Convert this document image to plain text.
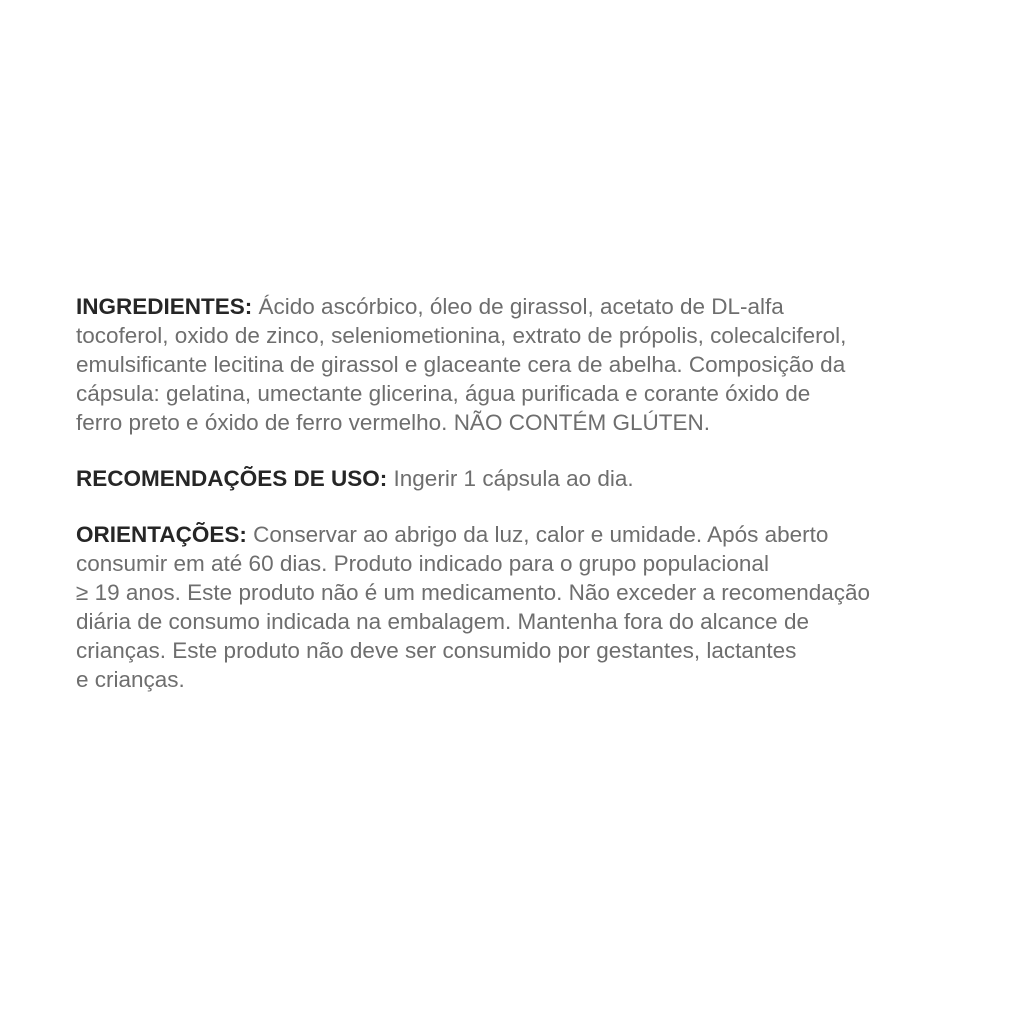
INGREDIENTES: Ácido ascórbico, óleo de girassol, acetato de DL-alfa
tocoferol, oxido de zinco, seleniometionina, extrato de própolis, colecalciferol,
emulsificante lecitina de girassol e glaceante cera de abelha. Composição da
cápsula: gelatina, umectante glicerina, água purificada e corante óxido de
ferro preto e óxido de ferro vermelho. NÃO CONTÉM GLÚTEN.

RECOMENDAÇÕES DE USO: Ingerir 1 cápsula ao dia.

ORIENTAÇÕES: Conservar ao abrigo da luz, calor e umidade. Após aberto
consumir em até 60 dias. Produto indicado para o grupo populacional
≥ 19 anos. Este produto não é um medicamento. Não exceder a recomendação
diária de consumo indicada na embalagem. Mantenha fora do alcance de
crianças. Este produto não deve ser consumido por gestantes, lactantes
e crianças.
